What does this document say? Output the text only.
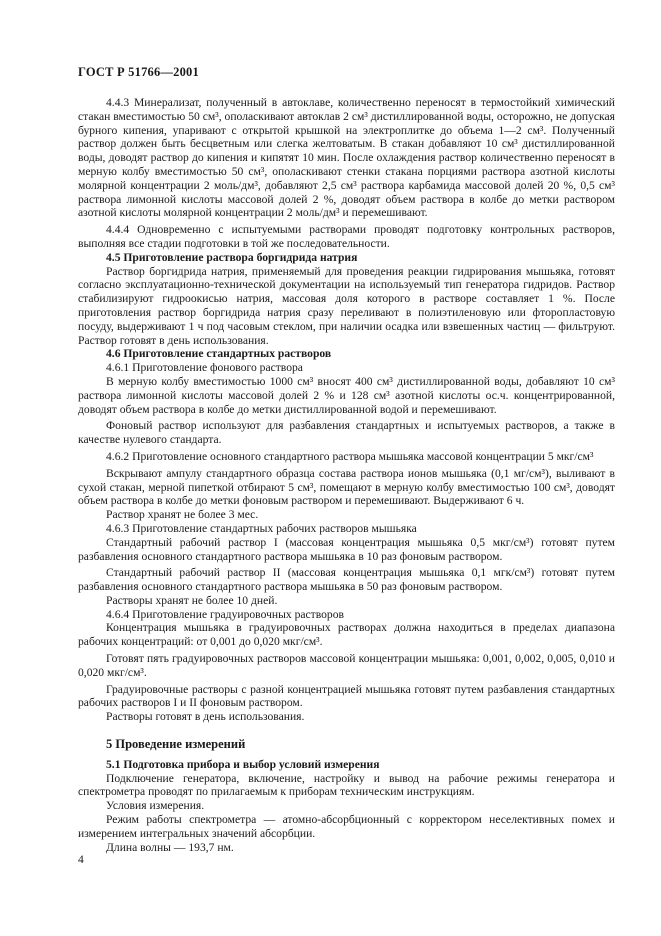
ГОСТ Р 51766—2001

4.4.3 Минерализат, полученный в автоклаве, количественно переносят в термостойкий химический стакан вместимостью 50 см³, ополаскивают автоклав 2 см³ дистиллированной воды, осторожно, не допуская бурного кипения, упаривают с открытой крышкой на электроплитке до объема 1—2 см³. Полученный раствор должен быть бесцветным или слегка желтоватым. В стакан добавляют 10 см³ дистиллированной воды, доводят раствор до кипения и кипятят 10 мин. После охлаждения раствор количественно переносят в мерную колбу вместимостью 50 см³, ополаскивают стенки стакана порциями раствора азотной кислоты молярной концентрации 2 моль/дм³, добавляют 2,5 см³ раствора карбамида массовой долей 20 %, 0,5 см³ раствора лимонной кислоты массовой долей 2 %, доводят объем раствора в колбе до метки раствором азотной кислоты молярной концентрации 2 моль/дм³ и перемешивают.

4.4.4 Одновременно с испытуемыми растворами проводят подготовку контрольных растворов, выполняя все стадии подготовки в той же последовательности.

4.5 Приготовление раствора боргидрида натрия

Раствор боргидрида натрия, применяемый для проведения реакции гидрирования мышьяка, готовят согласно эксплуатационно-технической документации на используемый тип генератора гидридов. Раствор стабилизируют гидроокисью натрия, массовая доля которого в растворе составляет 1 %. После приготовления раствор боргидрида натрия сразу переливают в полиэтиленовую или фторопластовую посуду, выдерживают 1 ч под часовым стеклом, при наличии осадка или взвешенных частиц — фильтруют. Раствор готовят в день использования.

4.6 Приготовление стандартных растворов

4.6.1 Приготовление фонового раствора

В мерную колбу вместимостью 1000 см³ вносят 400 см³ дистиллированной воды, добавляют 10 см³ раствора лимонной кислоты массовой долей 2 % и 128 см³ азотной кислоты ос.ч. концентрированной, доводят объем раствора в колбе до метки дистиллированной водой и перемешивают.

Фоновый раствор используют для разбавления стандартных и испытуемых растворов, а также в качестве нулевого стандарта.

4.6.2 Приготовление основного стандартного раствора мышьяка массовой концентрации 5 мкг/см³

Вскрывают ампулу стандартного образца состава раствора ионов мышьяка (0,1 мг/см³), выливают в сухой стакан, мерной пипеткой отбирают 5 см³, помещают в мерную колбу вместимостью 100 см³, доводят объем раствора в колбе до метки фоновым раствором и перемешивают. Выдерживают 6 ч.

Раствор хранят не более 3 мес.

4.6.3 Приготовление стандартных рабочих растворов мышьяка

Стандартный рабочий раствор I (массовая концентрация мышьяка 0,5 мкг/см³) готовят путем разбавления основного стандартного раствора мышьяка в 10 раз фоновым раствором.

Стандартный рабочий раствор II (массовая концентрация мышьяка 0,1 мгк/см³) готовят путем разбавления основного стандартного раствора мышьяка в 50 раз фоновым раствором.

Растворы хранят не более 10 дней.

4.6.4 Приготовление градуировочных растворов

Концентрация мышьяка в градуировочных растворах должна находиться в пределах диапазона рабочих концентраций: от 0,001 до 0,020 мкг/см³.

Готовят пять градуировочных растворов массовой концентрации мышьяка: 0,001, 0,002, 0,005, 0,010 и 0,020 мкг/см³.

Градуировочные растворы с разной концентрацией мышьяка готовят путем разбавления стандартных рабочих растворов I и II фоновым раствором.

Растворы готовят в день использования.

5 Проведение измерений

5.1 Подготовка прибора и выбор условий измерения

Подключение генератора, включение, настройку и вывод на рабочие режимы генератора и спектрометра проводят по прилагаемым к приборам техническим инструкциям.

Условия измерения.

Режим работы спектрометра — атомно-абсорбционный с корректором неселективных помех и измерением интегральных значений абсорбции.

Длина волны — 193,7 нм.

4
